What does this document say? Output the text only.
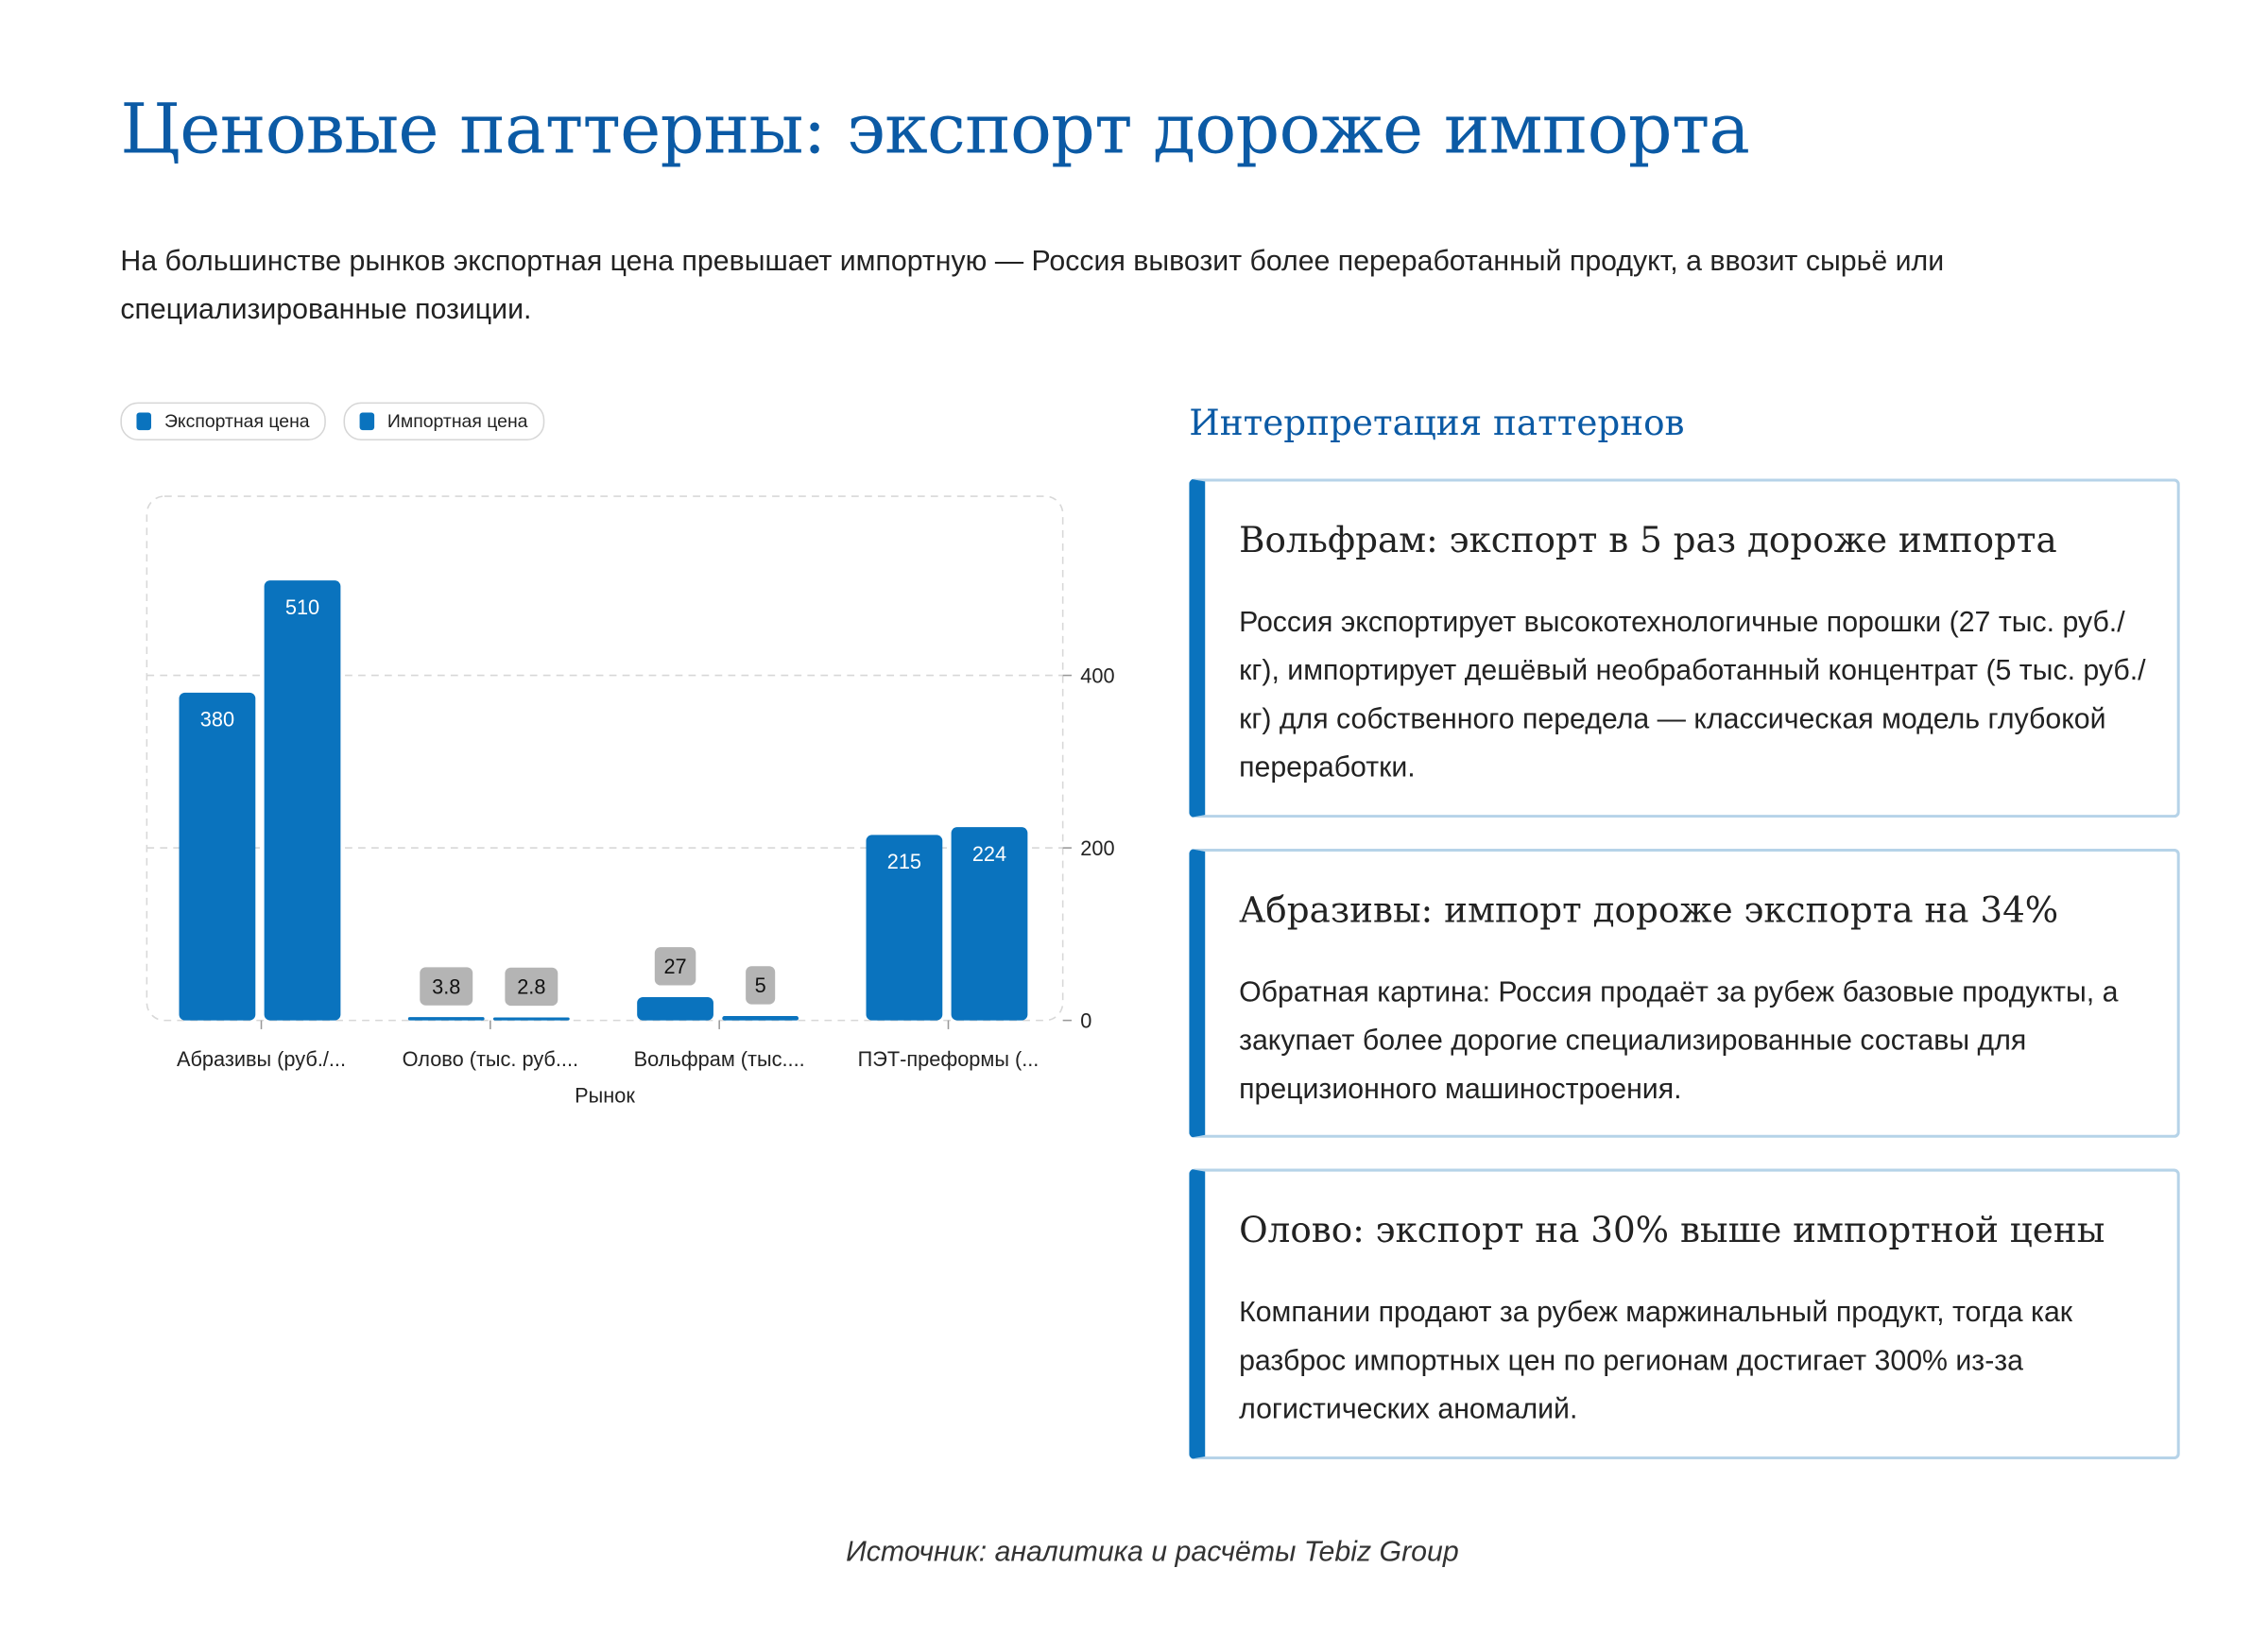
Ценовые паттерны: экспорт дороже импорта

На большинстве рынков экспортная цена превышает импортную — Россия вывозит более переработанный продукт, а ввозит сырьё или специализированные позиции.

Экспортная цена	Импортная цена
380
510
3.8	2.8
27
5
215	224
0
200
400
Абразивы (руб./...	Олово (тыс. руб....	Вольфрам (тыс....	ПЭТ-преформы (...
Рынок
Интерпретация паттернов
Вольфрам: экспорт в 5 раз дороже импорта

Россия экспортирует высокотехнологичные порошки (27 тыс. руб./кг), импортирует дешёвый необработанный концентрат (5 тыс. руб./кг) для собственного передела — классическая модель глубокой переработки.

Абразивы: импорт дороже экспорта на 34%

Обратная картина: Россия продаёт за рубеж базовые продукты, а закупает более дорогие специализированные составы для прецизионного машиностроения.

Олово: экспорт на 30% выше импортной цены

Компании продают за рубеж маржинальный продукт, тогда как разброс импортных цен по регионам достигает 300% из-за логистических аномалий.

Источник: аналитика и расчёты Tebiz Group
